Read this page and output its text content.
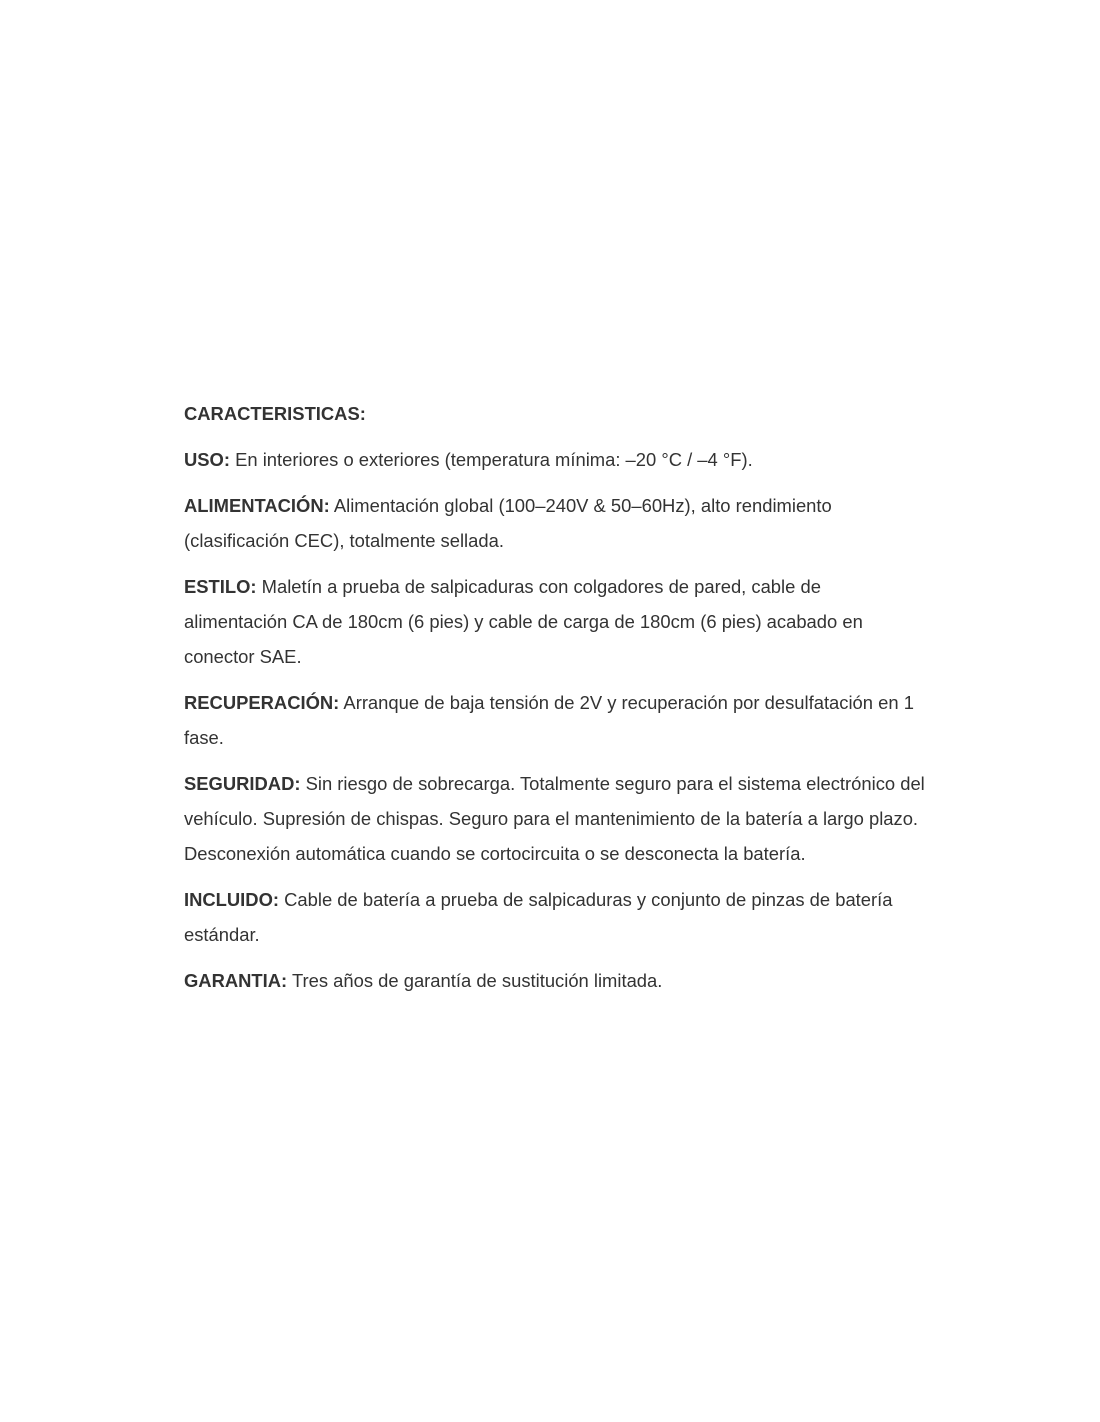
CARACTERISTICAS:

USO: En interiores o exteriores (temperatura mínima: –20 °C / –4 °F).

ALIMENTACIÓN: Alimentación global (100–240V & 50–60Hz), alto rendimiento (clasificación CEC), totalmente sellada.

ESTILO: Maletín a prueba de salpicaduras con colgadores de pared, cable de alimentación CA de 180cm (6 pies) y cable de carga de 180cm (6 pies) acabado en conector SAE.

RECUPERACIÓN: Arranque de baja tensión de 2V y recuperación por desulfatación en 1 fase.

SEGURIDAD: Sin riesgo de sobrecarga. Totalmente seguro para el sistema electrónico del vehículo. Supresión de chispas. Seguro para el mantenimiento de la batería a largo plazo. Desconexión automática cuando se cortocircuita o se desconecta la batería.

INCLUIDO: Cable de batería a prueba de salpicaduras y conjunto de pinzas de batería estándar.

GARANTIA: Tres años de garantía de sustitución limitada.
